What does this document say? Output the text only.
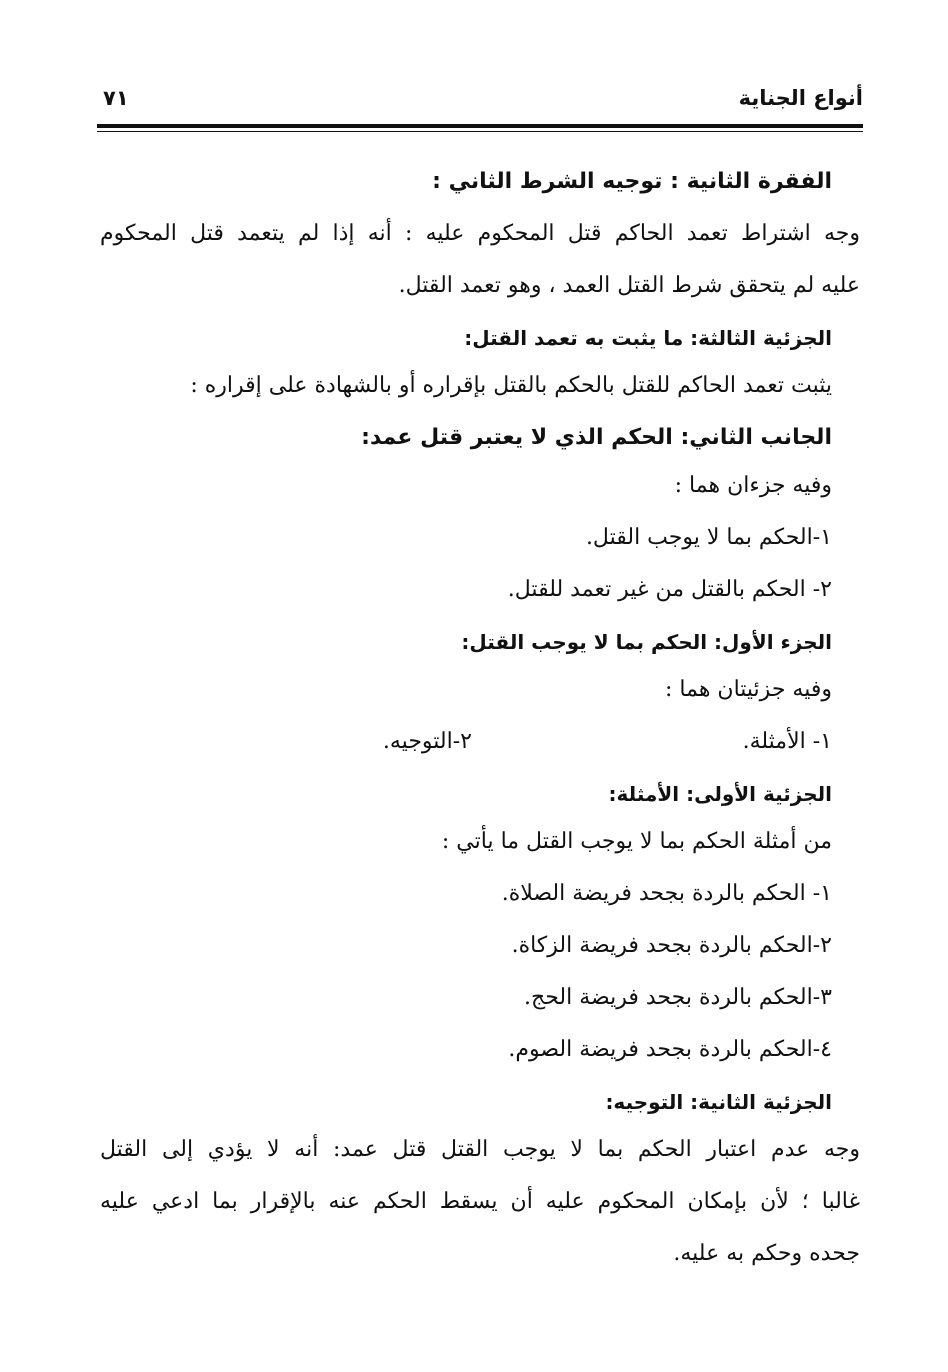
أنواع الجناية
٧١
الفقرة الثانية : توجيه الشرط الثاني :
وجه اشتراط تعمد الحاكم قتل المحكوم عليه : أنه إذا لم يتعمد قتل المحكوم
عليه لم يتحقق شرط القتل العمد ، وهو تعمد القتل.
الجزئية الثالثة: ما يثبت به تعمد القتل:
يثبت تعمد الحاكم للقتل بالحكم بالقتل بإقراره أو بالشهادة على إقراره :
الجانب الثاني: الحكم الذي لا يعتبر قتل عمد:
وفيه جزءان هما :
١-الحكم بما لا يوجب القتل.
٢- الحكم بالقتل من غير تعمد للقتل.
الجزء الأول: الحكم بما لا يوجب القتل:
وفيه جزئيتان هما :
١- الأمثلة.
٢-التوجيه.
الجزئية الأولى: الأمثلة:
من أمثلة الحكم بما لا يوجب القتل ما يأتي :
١- الحكم بالردة بجحد فريضة الصلاة.
٢-الحكم بالردة بجحد فريضة الزكاة.
٣-الحكم بالردة بجحد فريضة الحج.
٤-الحكم بالردة بجحد فريضة الصوم.
الجزئية الثانية: التوجيه:
وجه عدم اعتبار الحكم بما لا يوجب القتل قتل عمد: أنه لا يؤدي إلى القتل
غالبا ؛ لأن بإمكان المحكوم عليه أن يسقط الحكم عنه بالإقرار بما ادعي عليه
جحده وحكم به عليه.
